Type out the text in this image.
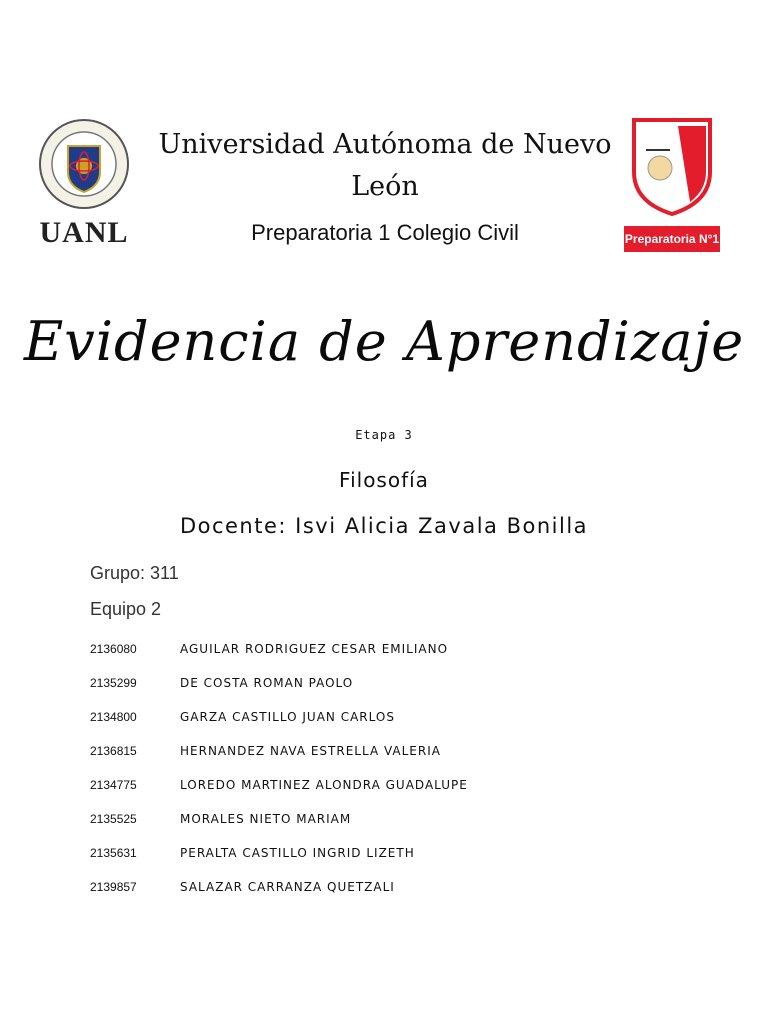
UANL
Universidad Autónoma de Nuevo León
Preparatoria 1 Colegio Civil	Preparatoria N°1
Evidencia de Aprendizaje
Etapa 3
Filosofía
Docente: Isvi Alicia Zavala Bonilla
Grupo: 311
Equipo 2
2136080	AGUILAR RODRIGUEZ CESAR EMILIANO
2135299	DE COSTA ROMAN PAOLO
2134800	GARZA CASTILLO JUAN CARLOS
2136815	HERNANDEZ NAVA ESTRELLA VALERIA
2134775	LOREDO MARTINEZ ALONDRA GUADALUPE
2135525	MORALES NIETO MARIAM
2135631	PERALTA CASTILLO INGRID LIZETH
2139857	SALAZAR CARRANZA QUETZALI
